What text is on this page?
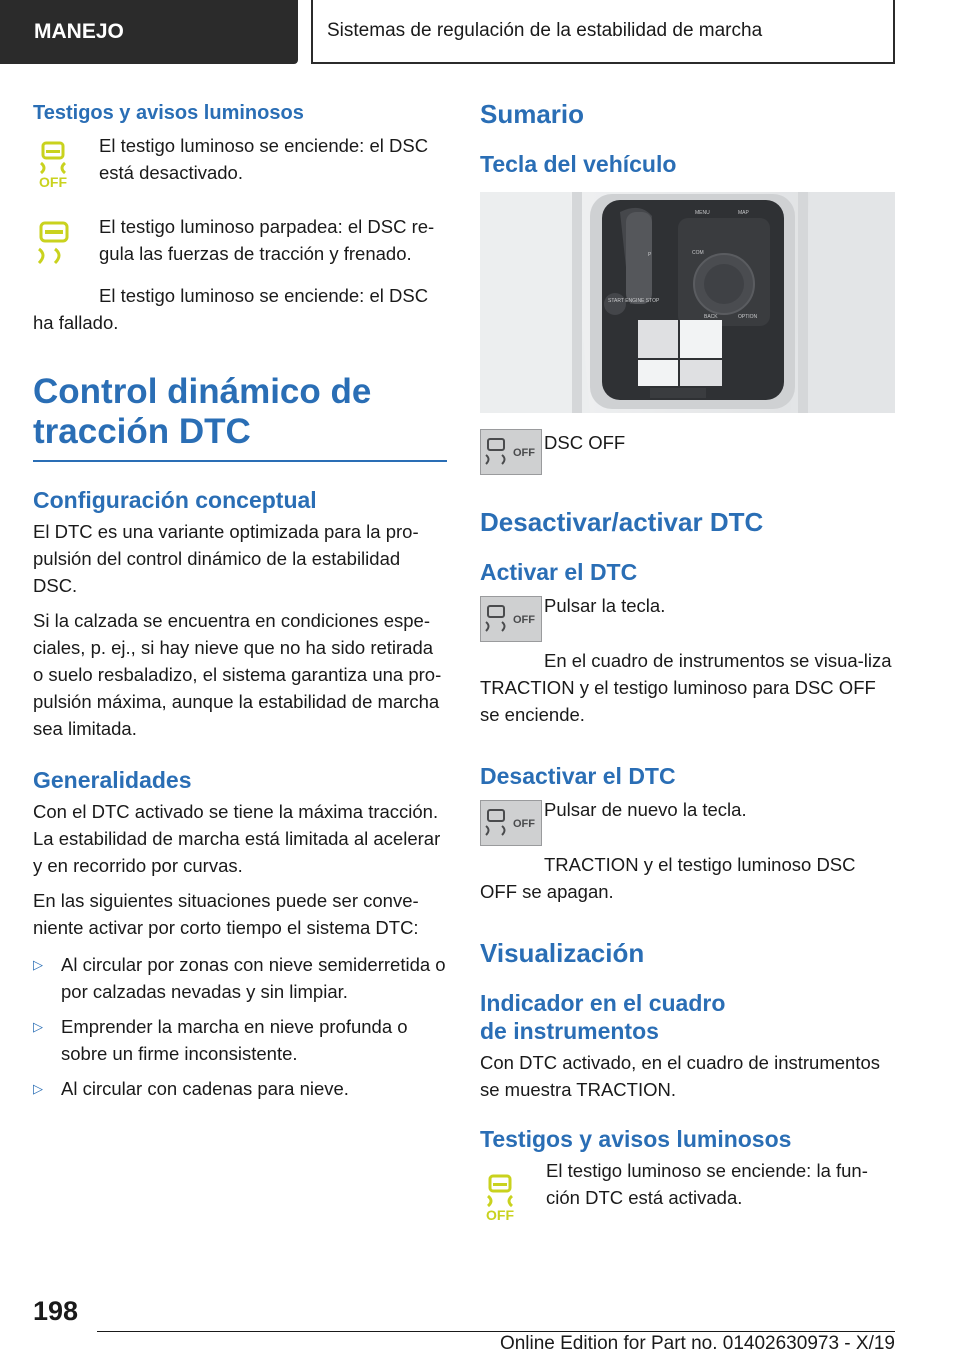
MANEJO	Sistemas de regulación de la estabilidad de marcha
Testigos y avisos luminosos
OFF
El testigo luminoso se enciende: el DSC está desactivado.
El testigo luminoso parpadea: el DSC re-gula las fuerzas de tracción y frenado.
El testigo luminoso se enciende: el DSC ha fallado.
Control dinámico de
tracción DTC
Configuración conceptual
El DTC es una variante optimizada para la pro-pulsión del control dinámico de la estabilidad DSC.
Si la calzada se encuentra en condiciones espe-ciales, p. ej., si hay nieve que no ha sido retirada o suelo resbaladizo, el sistema garantiza una pro-pulsión máxima, aunque la estabilidad de marcha sea limitada.
Generalidades
Con el DTC activado se tiene la máxima tracción. La estabilidad de marcha está limitada al acelerar y en recorrido por curvas.
En las siguientes situaciones puede ser conve-niente activar por corto tiempo el sistema DTC:
▷ Al circular por zonas con nieve semiderretida o por calzadas nevadas y sin limpiar.
▷ Emprender la marcha en nieve profunda o sobre un firme inconsistente.
▷ Al circular con cadenas para nieve.
Sumario
Tecla del vehículo
MENU	MAP
COM
BACK	OPTION
START ENGINE STOP
P
OFF DSC OFF
Desactivar/activar DTC
Activar el DTC
OFF
Pulsar la tecla.
En el cuadro de instrumentos se visua-liza TRACTION y el testigo luminoso para DSC OFF se enciende.
Desactivar el DTC
OFF
Pulsar de nuevo la tecla.
TRACTION y el testigo luminoso DSC OFF se apagan.
Visualización
Indicador en el cuadro
de instrumentos
Con DTC activado, en el cuadro de instrumentos se muestra TRACTION.
Testigos y avisos luminosos
OFF
El testigo luminoso se enciende: la fun-ción DTC está activada.
198
Online Edition for Part no. 01402630973 - X/19
